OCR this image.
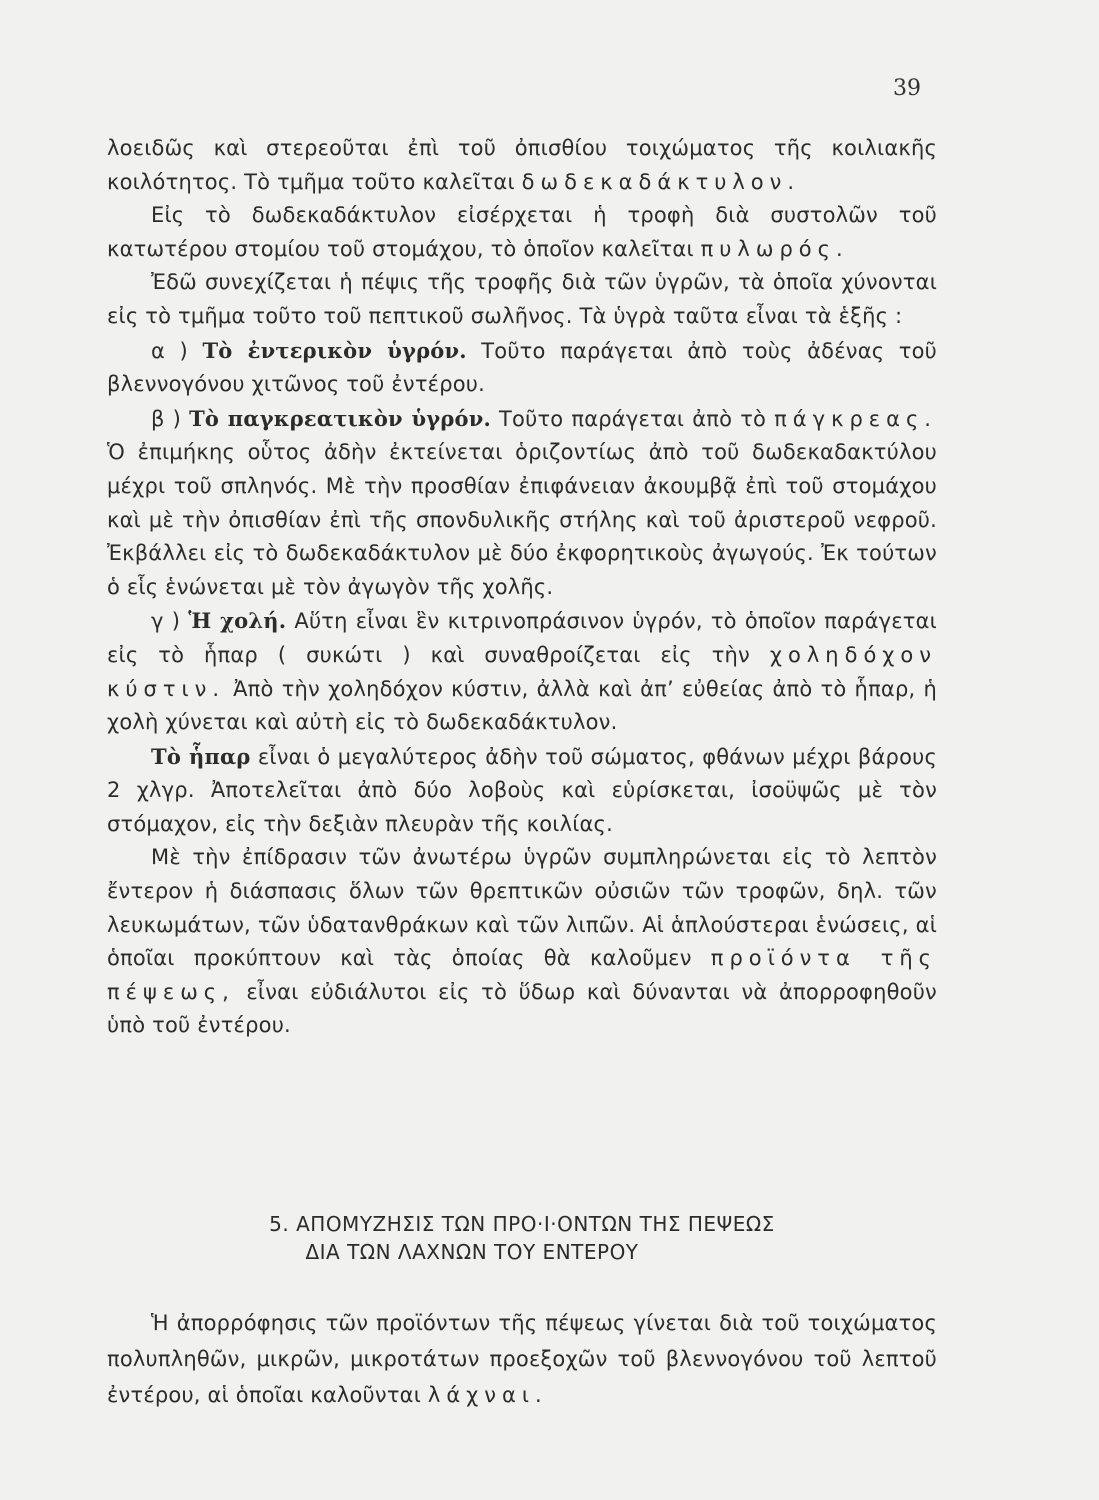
39

λοειδῶς καὶ στερεοῦται ἐπὶ τοῦ ὀπισθίου τοιχώματος τῆς κοιλιακῆς κοιλότητος. Τὸ τμῆμα τοῦτο καλεῖται δωδεκαδάκτυλον.

Εἰς τὸ δωδεκαδάκτυλον εἰσέρχεται ἡ τροφὴ διὰ συστολῶν τοῦ κατωτέρου στομίου τοῦ στομάχου, τὸ ὁποῖον καλεῖται πυλωρός.

Ἐδῶ συνεχίζεται ἡ πέψις τῆς τροφῆς διὰ τῶν ὑγρῶν, τὰ ὁποῖα χύνονται εἰς τὸ τμῆμα τοῦτο τοῦ πεπτικοῦ σωλῆνος. Τὰ ὑγρὰ ταῦτα εἶναι τὰ ἑξῆς :

α ) Τὸ ἐντερικὸν ὑγρόν. Τοῦτο παράγεται ἀπὸ τοὺς ἀδένας τοῦ βλεννογόνου χιτῶνος τοῦ ἐντέρου.

β ) Τὸ παγκρεατικὸν ὑγρόν. Τοῦτο παράγεται ἀπὸ τὸ πάγκρεας. Ὁ ἐπιμήκης οὗτος ἀδὴν ἐκτείνεται ὁριζοντίως ἀπὸ τοῦ δωδεκαδακτύλου μέχρι τοῦ σπληνός. Μὲ τὴν προσθίαν ἐπιφάνειαν ἀκουμβᾷ ἐπὶ τοῦ στομάχου καὶ μὲ τὴν ὀπισθίαν ἐπὶ τῆς σπονδυλικῆς στήλης καὶ τοῦ ἀριστεροῦ νεφροῦ. Ἐκβάλλει εἰς τὸ δωδεκαδάκτυλον μὲ δύο ἐκφορητικοὺς ἀγωγούς. Ἐκ τούτων ὁ εἷς ἑνώνεται μὲ τὸν ἀγωγὸν τῆς χολῆς.

γ ) Ἡ χολή. Αὕτη εἶναι ἓν κιτρινοπράσινον ὑγρόν, τὸ ὁποῖον παράγεται εἰς τὸ ἧπαρ ( συκώτι ) καὶ συναθροίζεται εἰς τὴν χοληδόχον κύστιν. Ἀπὸ τὴν χοληδόχον κύστιν, ἀλλὰ καὶ ἀπ’ εὐθείας ἀπὸ τὸ ἧπαρ, ἡ χολὴ χύνεται καὶ αὐτὴ εἰς τὸ δωδεκαδάκτυλον.

Τὸ ἧπαρ εἶναι ὁ μεγαλύτερος ἀδὴν τοῦ σώματος, φθάνων μέχρι βάρους 2 χλγρ. Ἀποτελεῖται ἀπὸ δύο λοβοὺς καὶ εὑρίσκεται, ἰσοϋψῶς μὲ τὸν στόμαχον, εἰς τὴν δεξιὰν πλευρὰν τῆς κοιλίας.

Μὲ τὴν ἐπίδρασιν τῶν ἀνωτέρω ὑγρῶν συμπληρώνεται εἰς τὸ λεπτὸν ἔντερον ἡ διάσπασις ὅλων τῶν θρεπτικῶν οὐσιῶν τῶν τροφῶν, δηλ. τῶν λευκωμάτων, τῶν ὑδατανθράκων καὶ τῶν λιπῶν. Αἱ ἁπλούστεραι ἑνώσεις, αἱ ὁποῖαι προκύπτουν καὶ τὰς ὁποίας θὰ καλοῦμεν προϊόντα τῆς πέψεως, εἶναι εὐδιάλυτοι εἰς τὸ ὕδωρ καὶ δύνανται νὰ ἀπορροφηθοῦν ὑπὸ τοῦ ἐντέρου.

5. ΑΠΟΜΥΖΗΣΙΣ ΤΩΝ ΠΡΟ·Ι·ΟΝΤΩΝ ΤΗΣ ΠΕΨΕΩΣ
ΔΙΑ ΤΩΝ ΛΑΧΝΩΝ ΤΟΥ ΕΝΤΕΡΟΥ

Ἡ ἀπορρόφησις τῶν προϊόντων τῆς πέψεως γίνεται διὰ τοῦ τοιχώματος πολυπληθῶν, μικρῶν, μικροτάτων προεξοχῶν τοῦ βλεννογόνου τοῦ λεπτοῦ ἐντέρου, αἱ ὁποῖαι καλοῦνται λάχναι.
